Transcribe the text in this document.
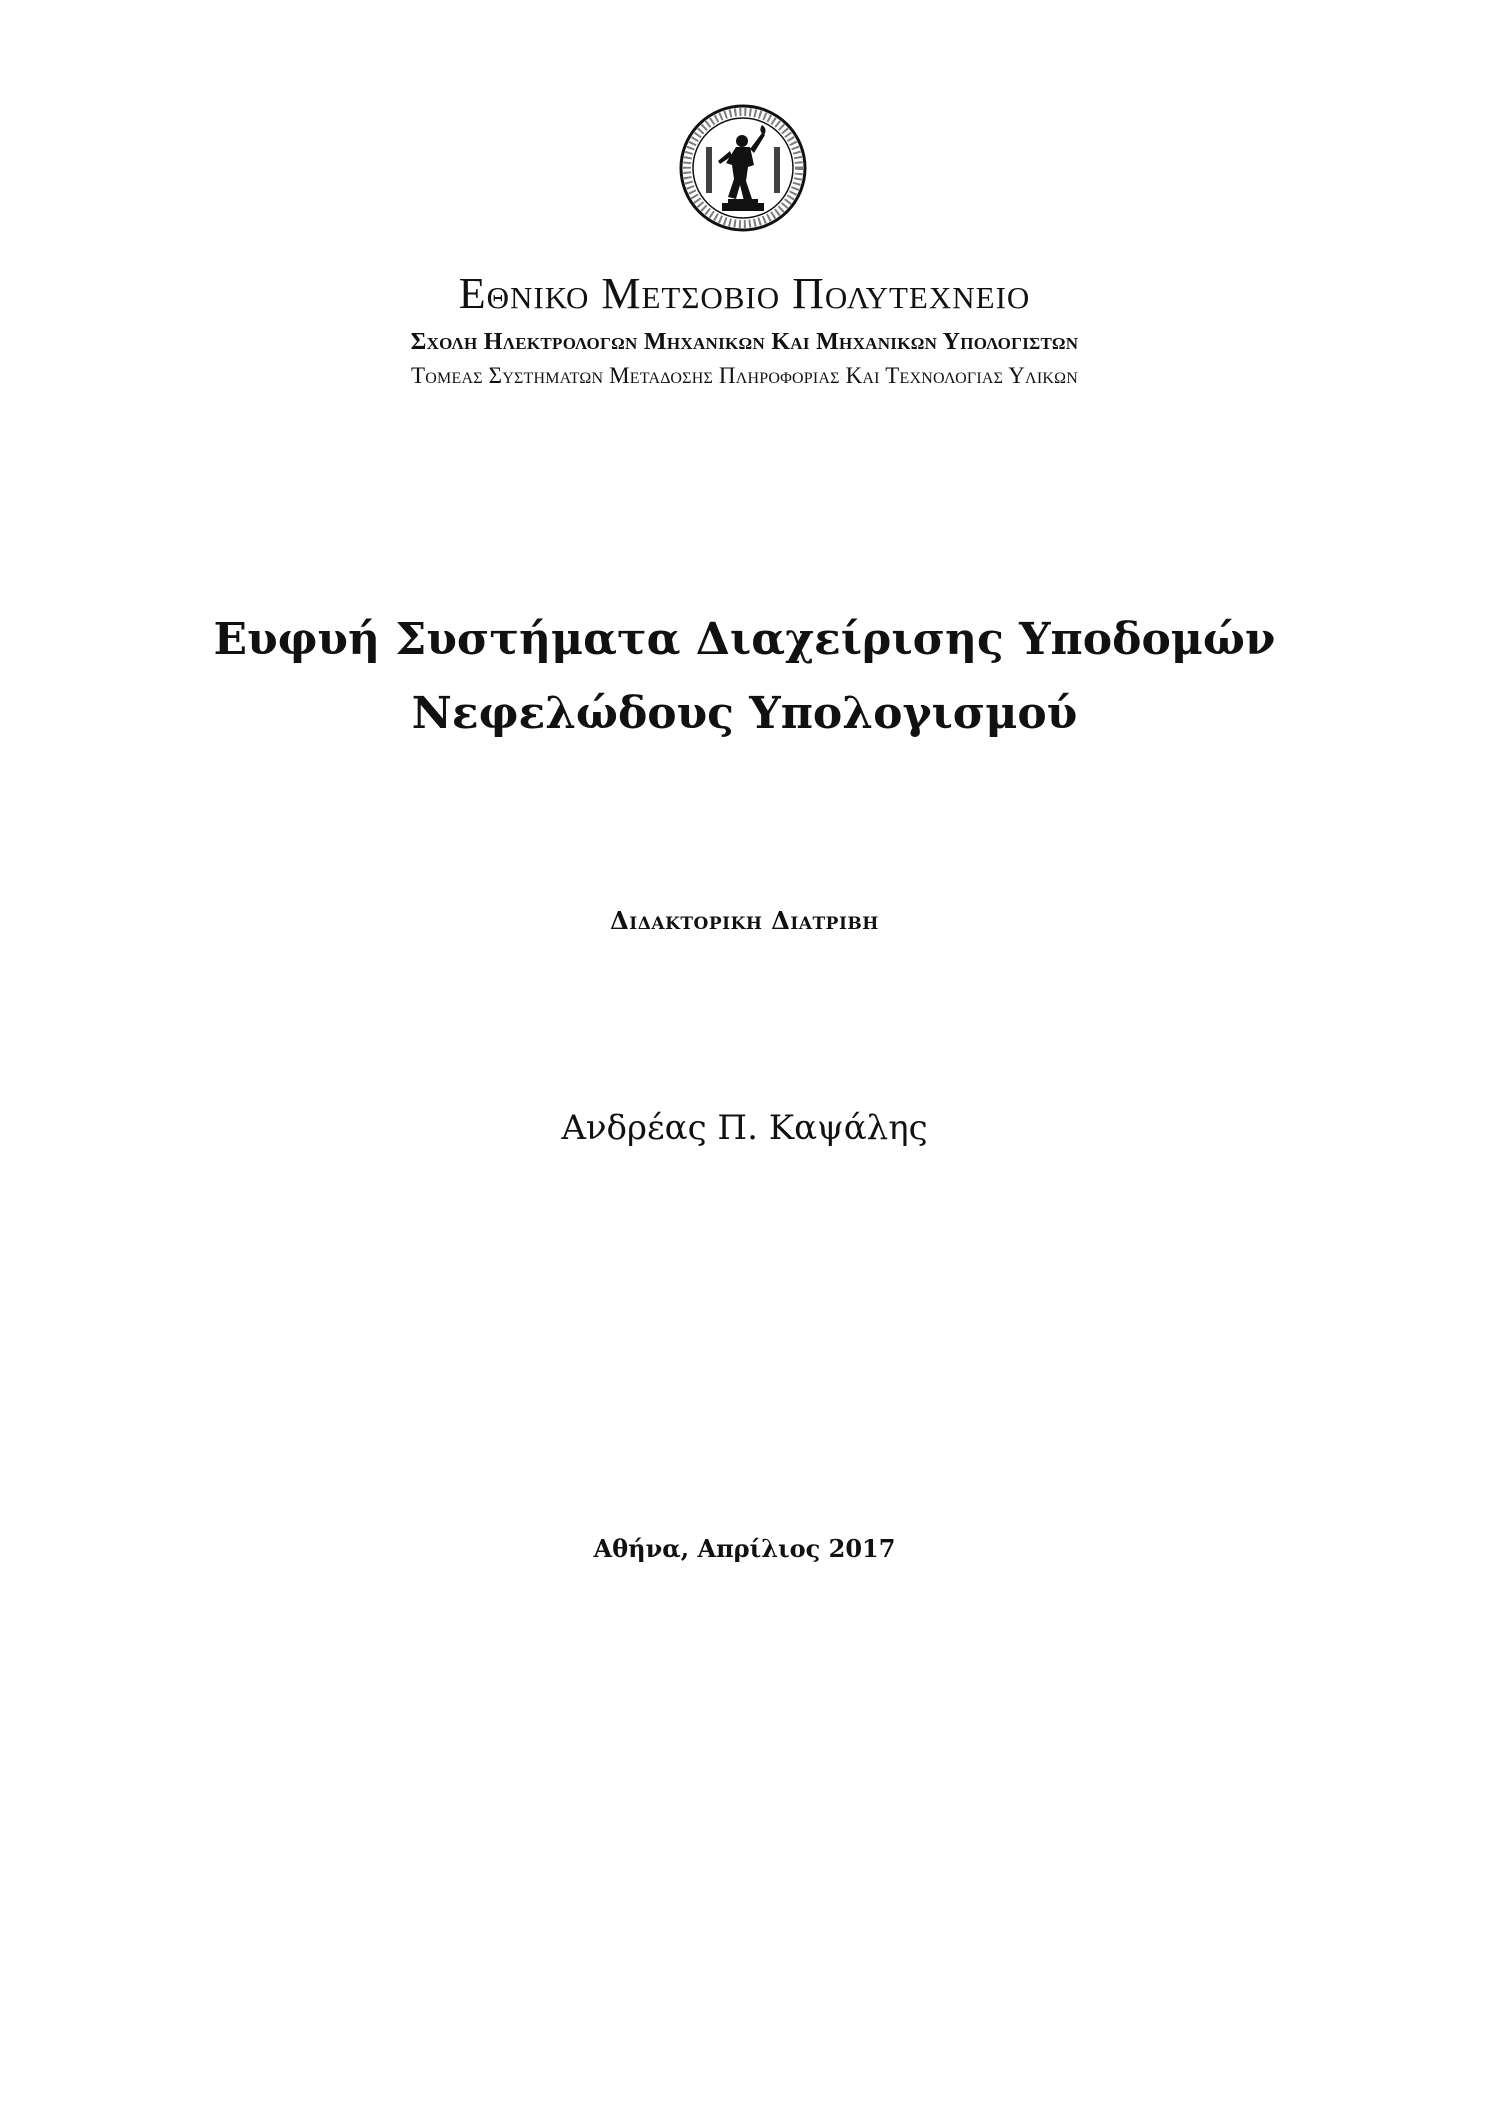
Εθνικο Μετσοβιο Πολυτεχνειο
Σχολη Ηλεκτρολογων Μηχανικων Και Μηχανικων Υπολογιστων
Τομεας Συστηματων Μεταδοσης Πληροφοριας Και Τεχνολογιας Υλικων
Ευφυή Συστήματα Διαχείρισης Υποδομών
Νεφελώδους Υπολογισμού
Διδακτορικη Διατριβη
Ανδρέας Π. Καψάλης
Αθήνα, Απρίλιος 2017
